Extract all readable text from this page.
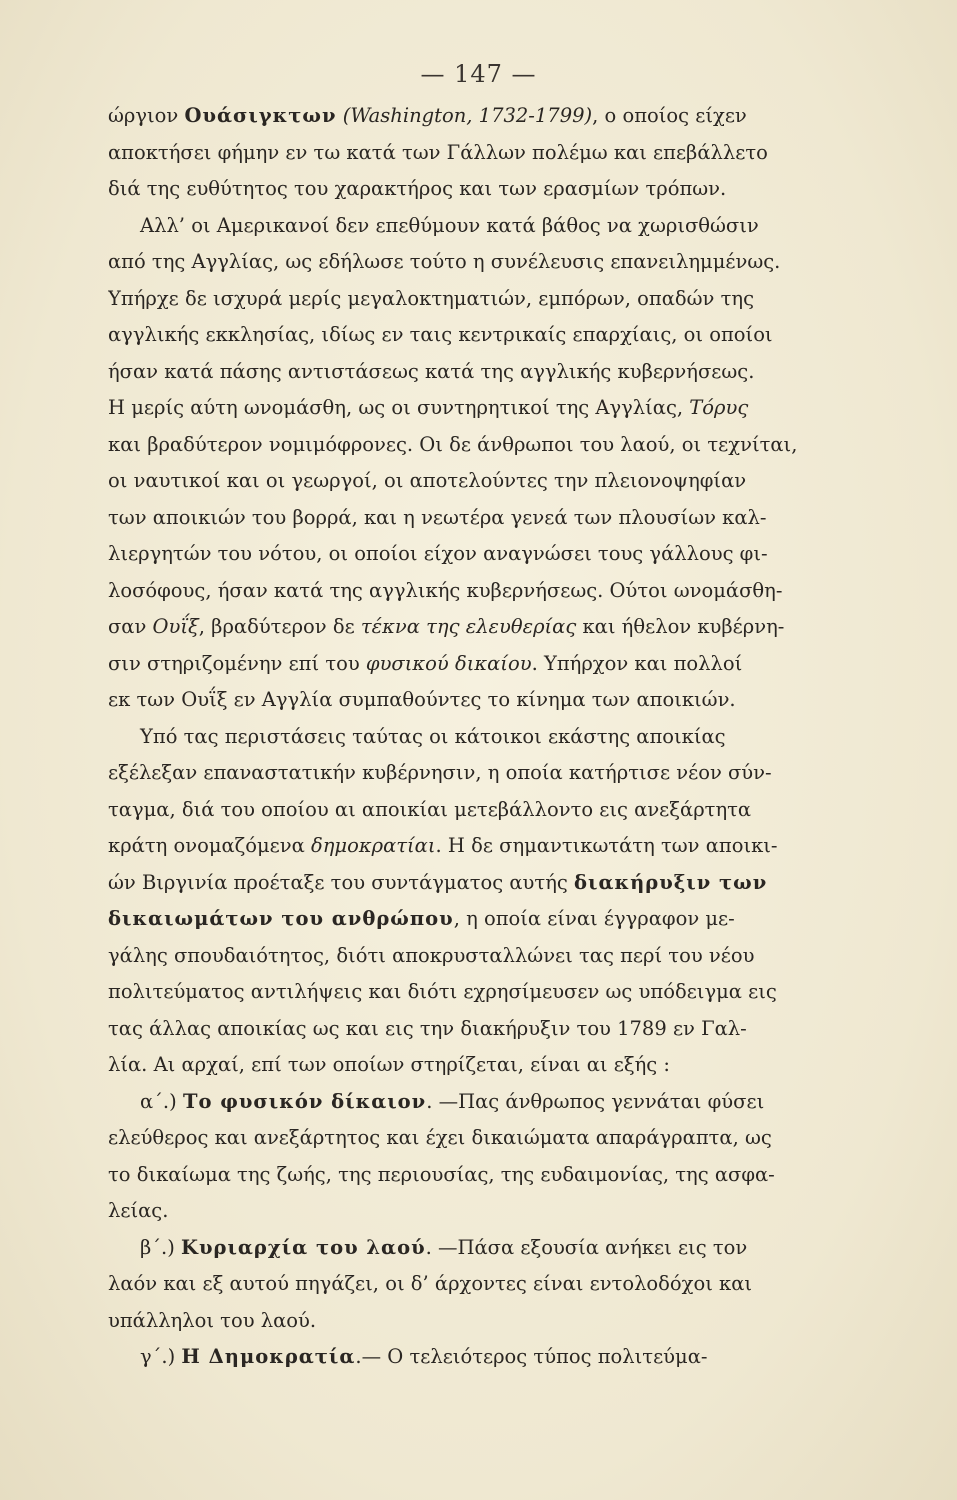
— 147 —
ώργιον Ουάσιγκτων (Washington, 1732-1799), ο οποίος είχεν
αποκτήσει φήμην εν τω κατά των Γάλλων πολέμω και επεβάλλετο
διά της ευθύτητος του χαρακτήρος και των ερασμίων τρόπων.
Αλλ’ οι Αμερικανοί δεν επεθύμουν κατά βάθος να χωρισθώσιν
από της Αγγλίας, ως εδήλωσε τούτο η συνέλευσις επανειλημμένως.
Υπήρχε δε ισχυρά μερίς μεγαλοκτηματιών, εμπόρων, οπαδών της
αγγλικής εκκλησίας, ιδίως εν ταις κεντρικαίς επαρχίαις, οι οποίοι
ήσαν κατά πάσης αντιστάσεως κατά της αγγλικής κυβερνήσεως.
Η μερίς αύτη ωνομάσθη, ως οι συντηρητικοί της Αγγλίας, Τόρυς
και βραδύτερον νομιμόφρονες. Οι δε άνθρωποι του λαού, οι τεχνίται,
οι ναυτικοί και οι γεωργοί, οι αποτελούντες την πλειονοψηφίαν
των αποικιών του βορρά, και η νεωτέρα γενεά των πλουσίων καλ-
λιεργητών του νότου, οι οποίοι είχον αναγνώσει τους γάλλους φι-
λοσόφους, ήσαν κατά της αγγλικής κυβερνήσεως. Ούτοι ωνομάσθη-
σαν Ουΐξ, βραδύτερον δε τέκνα της ελευθερίας και ήθελον κυβέρνη-
σιν στηριζομένην επί του φυσικού δικαίου. Υπήρχον και πολλοί
εκ των Ουΐξ εν Αγγλία συμπαθούντες το κίνημα των αποικιών.
Υπό τας περιστάσεις ταύτας οι κάτοικοι εκάστης αποικίας
εξέλεξαν επαναστατικήν κυβέρνησιν, η οποία κατήρτισε νέον σύν-
ταγμα, διά του οποίου αι αποικίαι μετεβάλλοντο εις ανεξάρτητα
κράτη ονομαζόμενα δημοκρατίαι. Η δε σημαντικωτάτη των αποικι-
ών Βιργινία προέταξε του συντάγματος αυτής διακήρυξιν των
δικαιωμάτων του ανθρώπου, η οποία είναι έγγραφον με-
γάλης σπουδαιότητος, διότι αποκρυσταλλώνει τας περί του νέου
πολιτεύματος αντιλήψεις και διότι εχρησίμευσεν ως υπόδειγμα εις
τας άλλας αποικίας ως και εις την διακήρυξιν του 1789 εν Γαλ-
λία. Αι αρχαί, επί των οποίων στηρίζεται, είναι αι εξής :
α΄.) Το φυσικόν δίκαιον. —Πας άνθρωπος γεννάται φύσει
ελεύθερος και ανεξάρτητος και έχει δικαιώματα απαράγραπτα, ως
το δικαίωμα της ζωής, της περιουσίας, της ευδαιμονίας, της ασφα-
λείας.
β΄.) Κυριαρχία του λαού. —Πάσα εξουσία ανήκει εις τον
λαόν και εξ αυτού πηγάζει, οι δ’ άρχοντες είναι εντολοδόχοι και
υπάλληλοι του λαού.
γ΄.) Η Δημοκρατία.— Ο τελειότερος τύπος πολιτεύμα-
